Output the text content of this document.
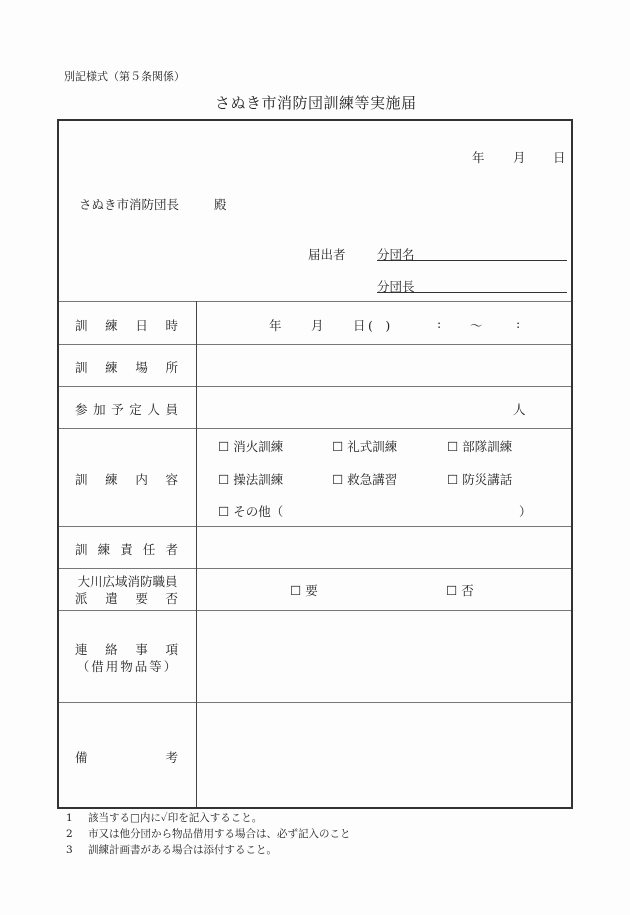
別記様式（第５条関係）
さぬき市消防団訓練等実施届
年 月 日
さぬき市消防団長	殿
届出者	分団名
分団長
訓 練 日 時	年 月 日 (　)	: 〜	:
訓 練 場 所
参 加 予 定 人 員	人
訓 練 内 容
☐ 消火訓練	☐ 礼式訓練	☐ 部隊訓練
☐ 操法訓練	☐ 救急講習	☐ 防災講話
☐ その他（	）
訓 練 責 任 者
大川広域消防職員
派 遣 要 否
☐ 要	☐ 否
連 絡 事 項
（借用物品等）
備	考
1 該当する□内に✓印を記入すること。
2 市又は他分団から物品借用する場合は、必ず記入のこと
3 訓練計画書がある場合は添付すること。
